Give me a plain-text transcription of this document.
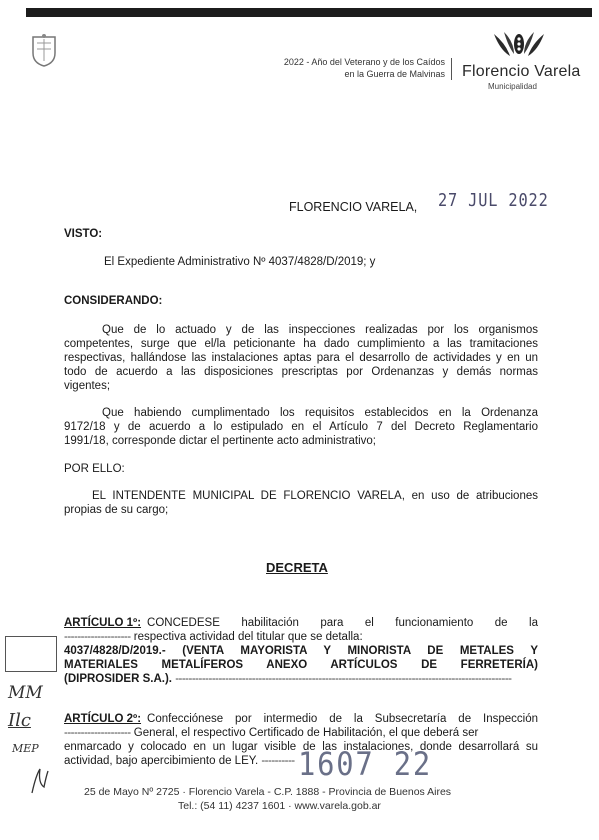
2022 - Año del Veterano y de los Caídos
en la Guerra de Malvinas Florencio Varela
Municipalidad
FLORENCIO VARELA, 27 JUL 2022
VISTO:
El Expediente Administrativo Nº 4037/4828/D/2019; y
CONSIDERANDO:
Que de lo actuado y de las inspecciones realizadas por los organismos
competentes, surge que el/la peticionante ha dado cumplimiento a las tramitaciones
respectivas, hallándose las instalaciones aptas para el desarrollo de actividades y en un
todo de acuerdo a las disposiciones prescriptas por Ordenanzas y demás normas
vigentes;
Que habiendo cumplimentado los requisitos establecidos en la Ordenanza
9172/18 y de acuerdo a lo estipulado en el Artículo 7 del Decreto Reglamentario
1991/18, corresponde dictar el pertinente acto administrativo;
POR ELLO:
EL INTENDENTE MUNICIPAL DE FLORENCIO VARELA, en uso de atribuciones
propias de su cargo;
DECRETA
ARTÍCULO 1º: CONCEDESE habilitación para el funcionamiento de la
-------------------- respectiva actividad del titular que se detalla:
4037/4828/D/2019.- (VENTA MAYORISTA Y MINORISTA DE METALES Y
MATERIALES METALÍFEROS ANEXO ARTÍCULOS DE FERRETERÍA)
(DIPROSIDER S.A.). -----------------------------------------------------------------------------------------------------
ARTÍCULO 2º: Confecciónese por intermedio de la Subsecretaría de Inspección
-------------------- General, el respectivo Certificado de Habilitación, el que deberá ser
enmarcado y colocado en un lugar visible de las instalaciones, donde desarrollará su
actividad, bajo apercibimiento de LEY. ---------- 1607 22
MM
Ilc
MEP
25 de Mayo Nº 2725 · Florencio Varela - C.P. 1888 - Provincia de Buenos Aires
Tel.: (54 11) 4237 1601 · www.varela.gob.ar
